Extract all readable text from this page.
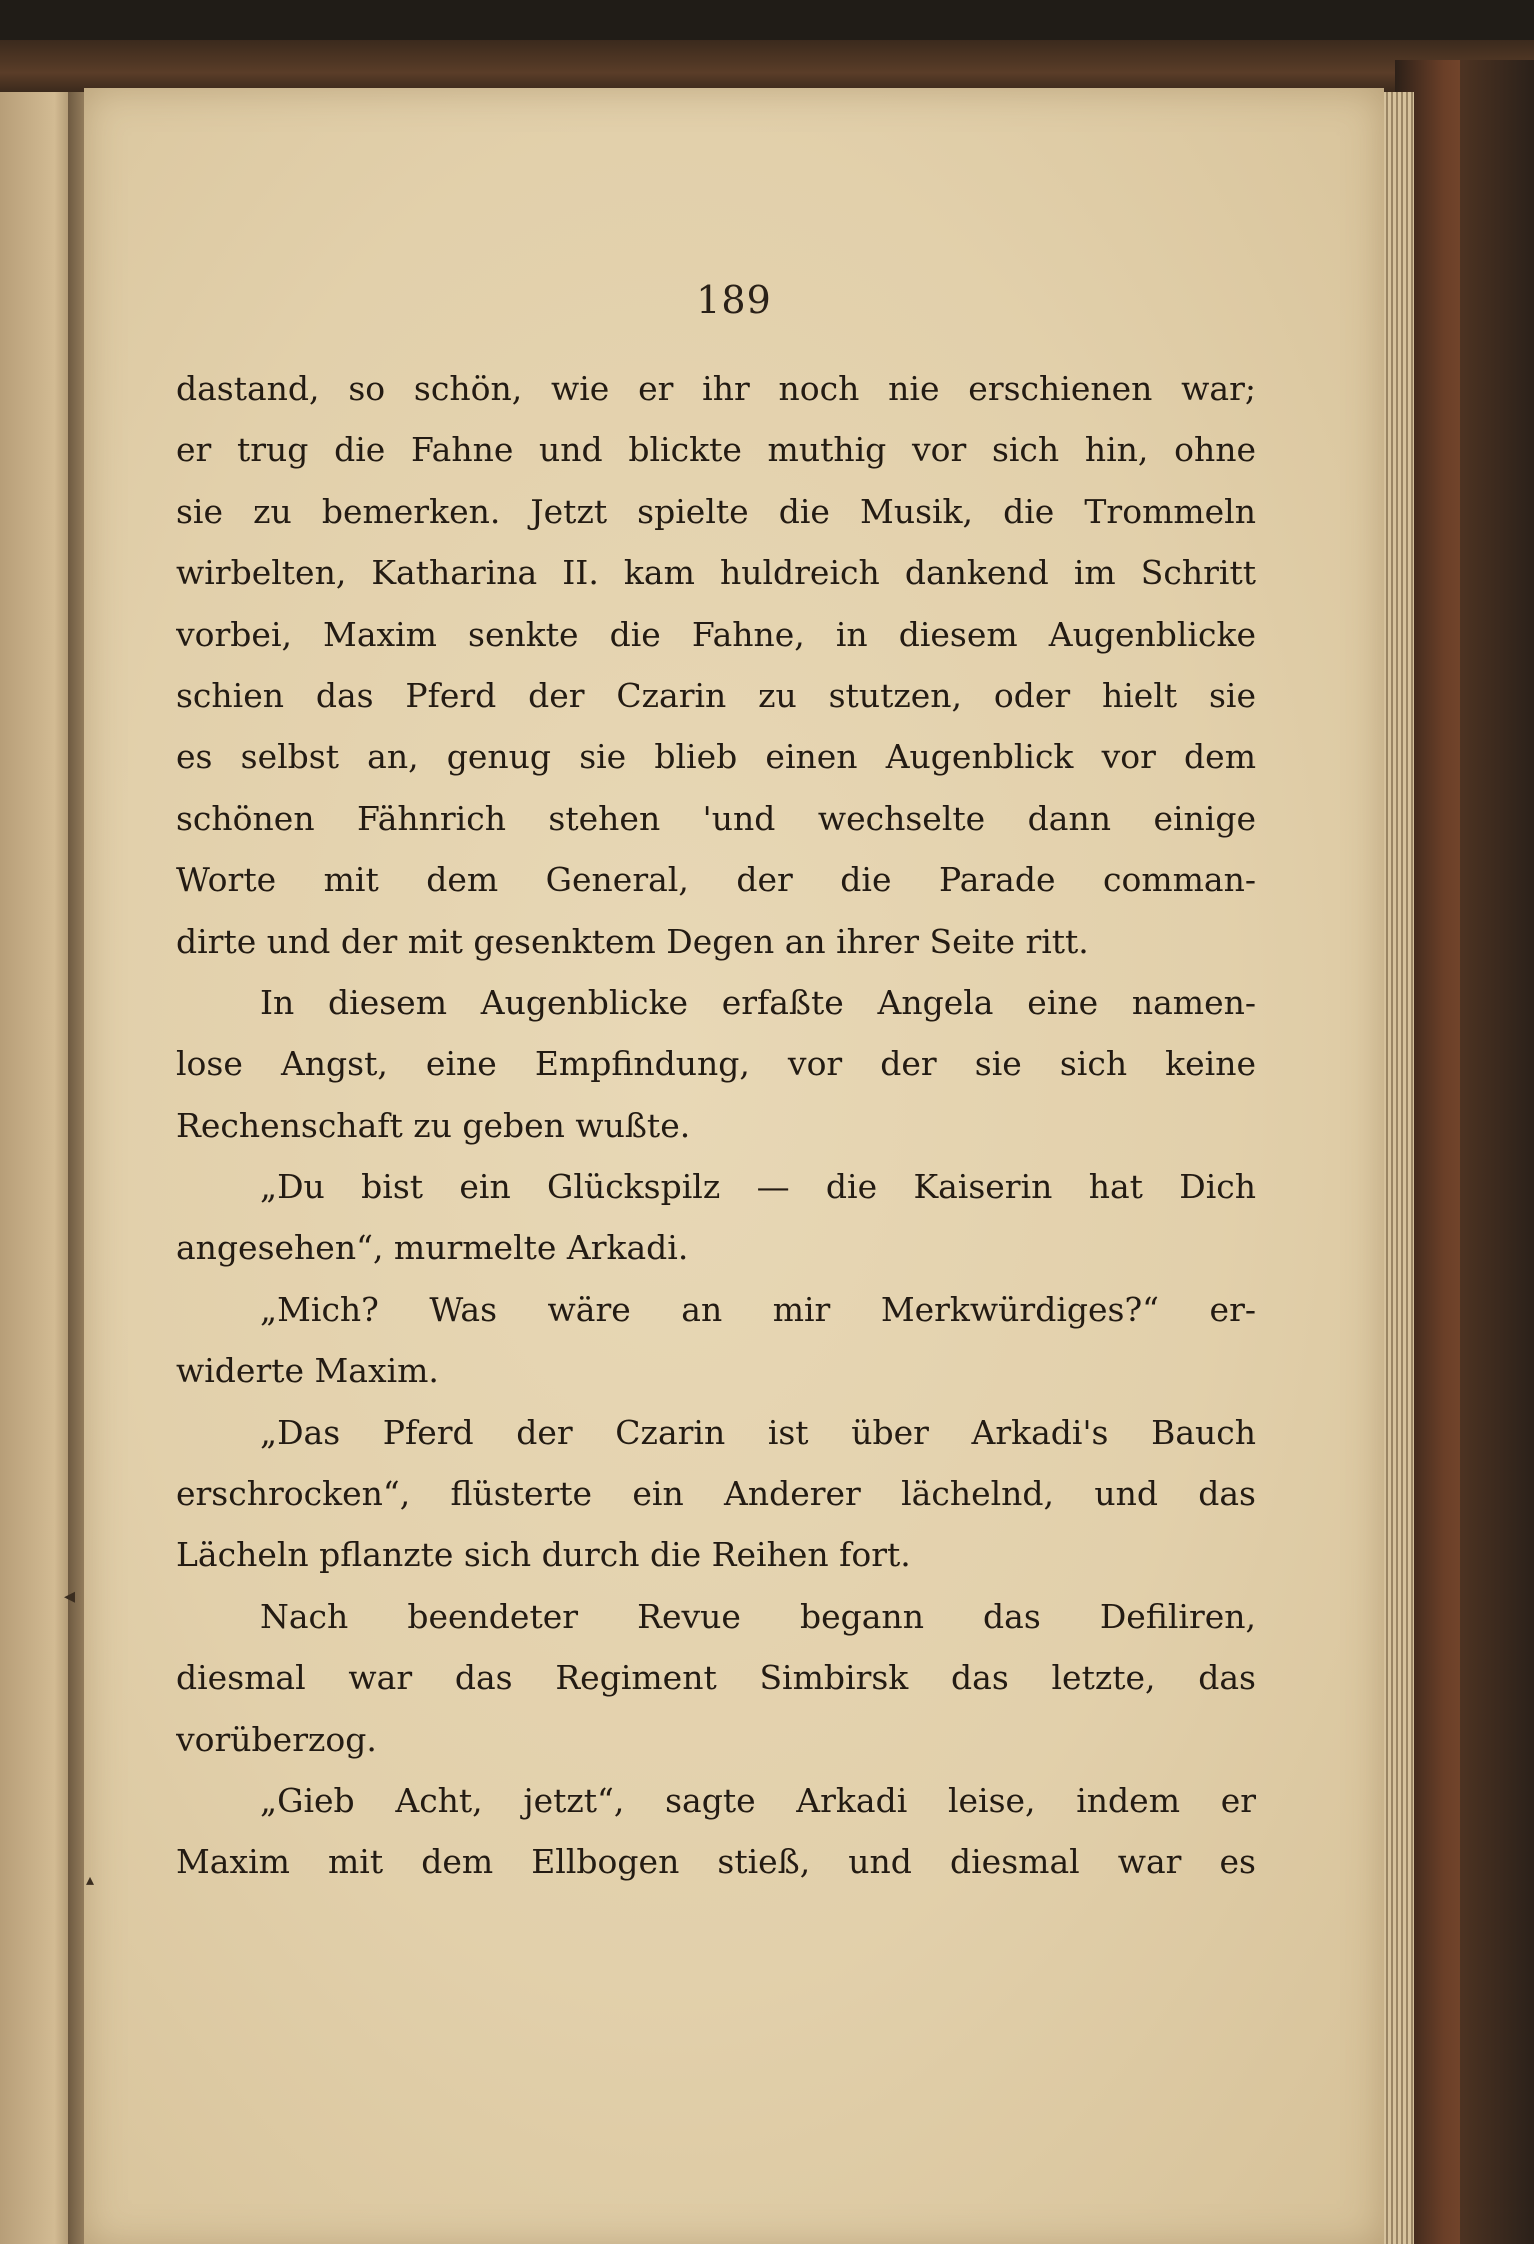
189
dastand, so schön, wie er ihr noch nie erschienen war;
er trug die Fahne und blickte muthig vor sich hin, ohne
sie zu bemerken. Jetzt spielte die Musik, die Trommeln
wirbelten, Katharina II. kam huldreich dankend im Schritt
vorbei, Maxim senkte die Fahne, in diesem Augenblicke
schien das Pferd der Czarin zu stutzen, oder hielt sie
es selbst an, genug sie blieb einen Augenblick vor dem
schönen Fähnrich stehen 'und wechselte dann einige
Worte mit dem General, der die Parade comman-
dirte und der mit gesenktem Degen an ihrer Seite ritt.
In diesem Augenblicke erfaßte Angela eine namen-
lose Angst, eine Empfindung, vor der sie sich keine
Rechenschaft zu geben wußte.
„Du bist ein Glückspilz — die Kaiserin hat Dich
angesehen“, murmelte Arkadi.
„Mich? Was wäre an mir Merkwürdiges?“ er-
widerte Maxim.
„Das Pferd der Czarin ist über Arkadi's Bauch
erschrocken“, flüsterte ein Anderer lächelnd, und das
Lächeln pflanzte sich durch die Reihen fort.
Nach beendeter Revue begann das Defiliren,
diesmal war das Regiment Simbirsk das letzte, das
vorüberzog.
„Gieb Acht, jetzt“, sagte Arkadi leise, indem er
Maxim mit dem Ellbogen stieß, und diesmal war es
◂
▴
